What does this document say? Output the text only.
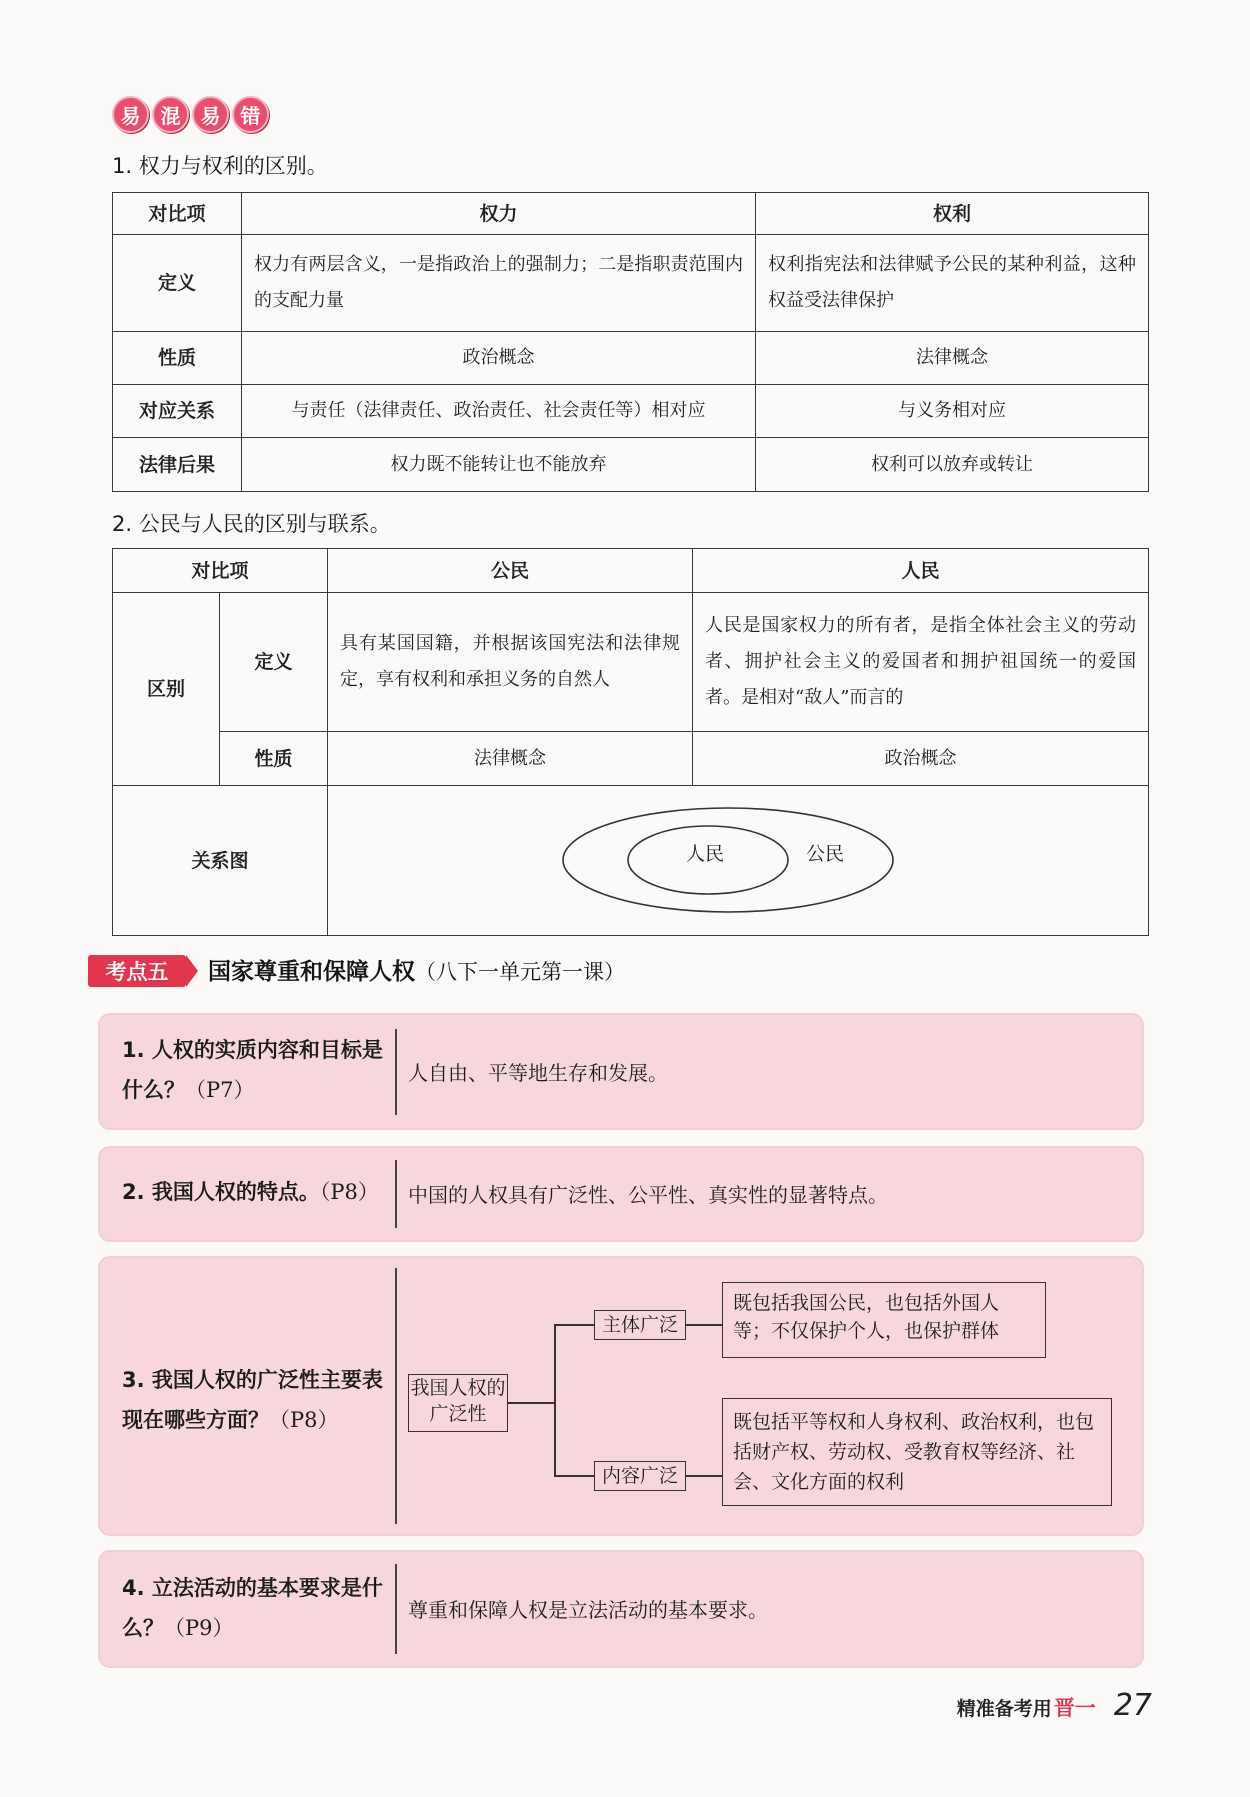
易	混	易	错
1. 权力与权利的区别。
对比项	权力	权利
定义	权力有两层含义，一是指政治上的强制力；二是指职责范围内的支配力量	权利指宪法和法律赋予公民的某种利益，这种权益受法律保护
性质	政治概念	法律概念
对应关系	与责任（法律责任、政治责任、社会责任等）相对应	与义务相对应
法律后果	权力既不能转让也不能放弃	权利可以放弃或转让
2. 公民与人民的区别与联系。
对比项		公民	人民
区别	定义	具有某国国籍，并根据该国宪法和法律规定，享有权利和承担义务的自然人	人民是国家权力的所有者，是指全体社会主义的劳动者、拥护社会主义的爱国者和拥护祖国统一的爱国者。是相对“敌人”而言的
	性质	法律概念	政治概念
关系图		人民 公民	
考点五	国家尊重和保障人权（八下一单元第一课）
1. 人权的实质内容和目标是什么？（P7）
人自由、平等地生存和发展。
2. 我国人权的特点。（P8）	中国的人权具有广泛性、公平性、真实性的显著特点。
3. 我国人权的广泛性主要表现在哪些方面？（P8）
我国人权的广泛性
主体广泛
既包括我国公民，也包括外国人等；不仅保护个人，也保护群体
内容广泛
既包括平等权和人身权利、政治权利，也包括财产权、劳动权、受教育权等经济、社会、文化方面的权利
4. 立法活动的基本要求是什么？（P9）
尊重和保障人权是立法活动的基本要求。
精准备考用 晋一 27
